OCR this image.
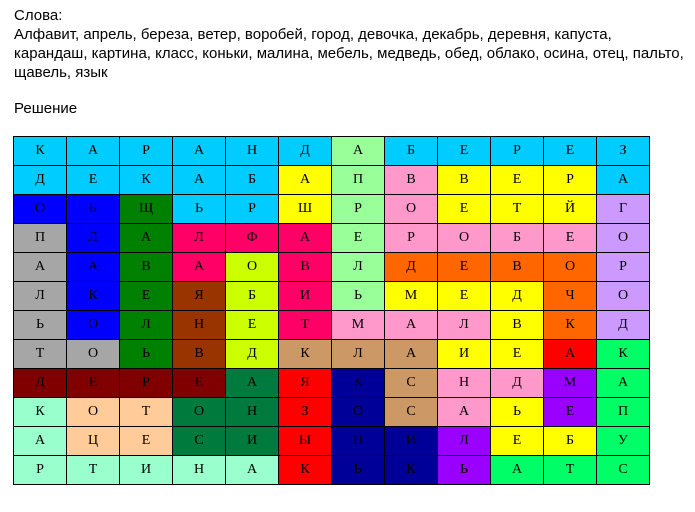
Слова:
Алфавит, апрель, береза, ветер, воробей, город, девочка, декабрь, деревня, капуста, карандаш, картина, класс, коньки, малина, мебель, медведь, обед, облако, осина, отец, пальто, щавель, язык
Решение
К	А	Р	А	Н	Д	А	Б	Е	Р	Е	З
Д	Е	К	А	Б	А	П	В	В	Е	Р	А
О	Б	Щ	Ь	Р	Ш	Р	О	Е	Т	Й	Г
П	Л	А	Л	Ф	А	Е	Р	О	Б	Е	О
А	А	В	А	О	В	Л	Д	Е	В	О	Р
Л	К	Е	Я	Б	И	Ь	М	Е	Д	Ч	О
Ь	О	Л	Н	Е	Т	М	А	Л	В	К	Д
Т	О	Ь	В	Д	К	Л	А	И	Е	А	К
Д	Е	Р	Е	А	Я	К	С	Н	Д	М	А
К	О	Т	О	Н	З	О	С	А	Ь	Е	П
А	Ц	Е	С	И	Ы	Н	И	Л	Е	Б	У
Р	Т	И	Н	А	К	Ь	К	Ь	А	Т	С
